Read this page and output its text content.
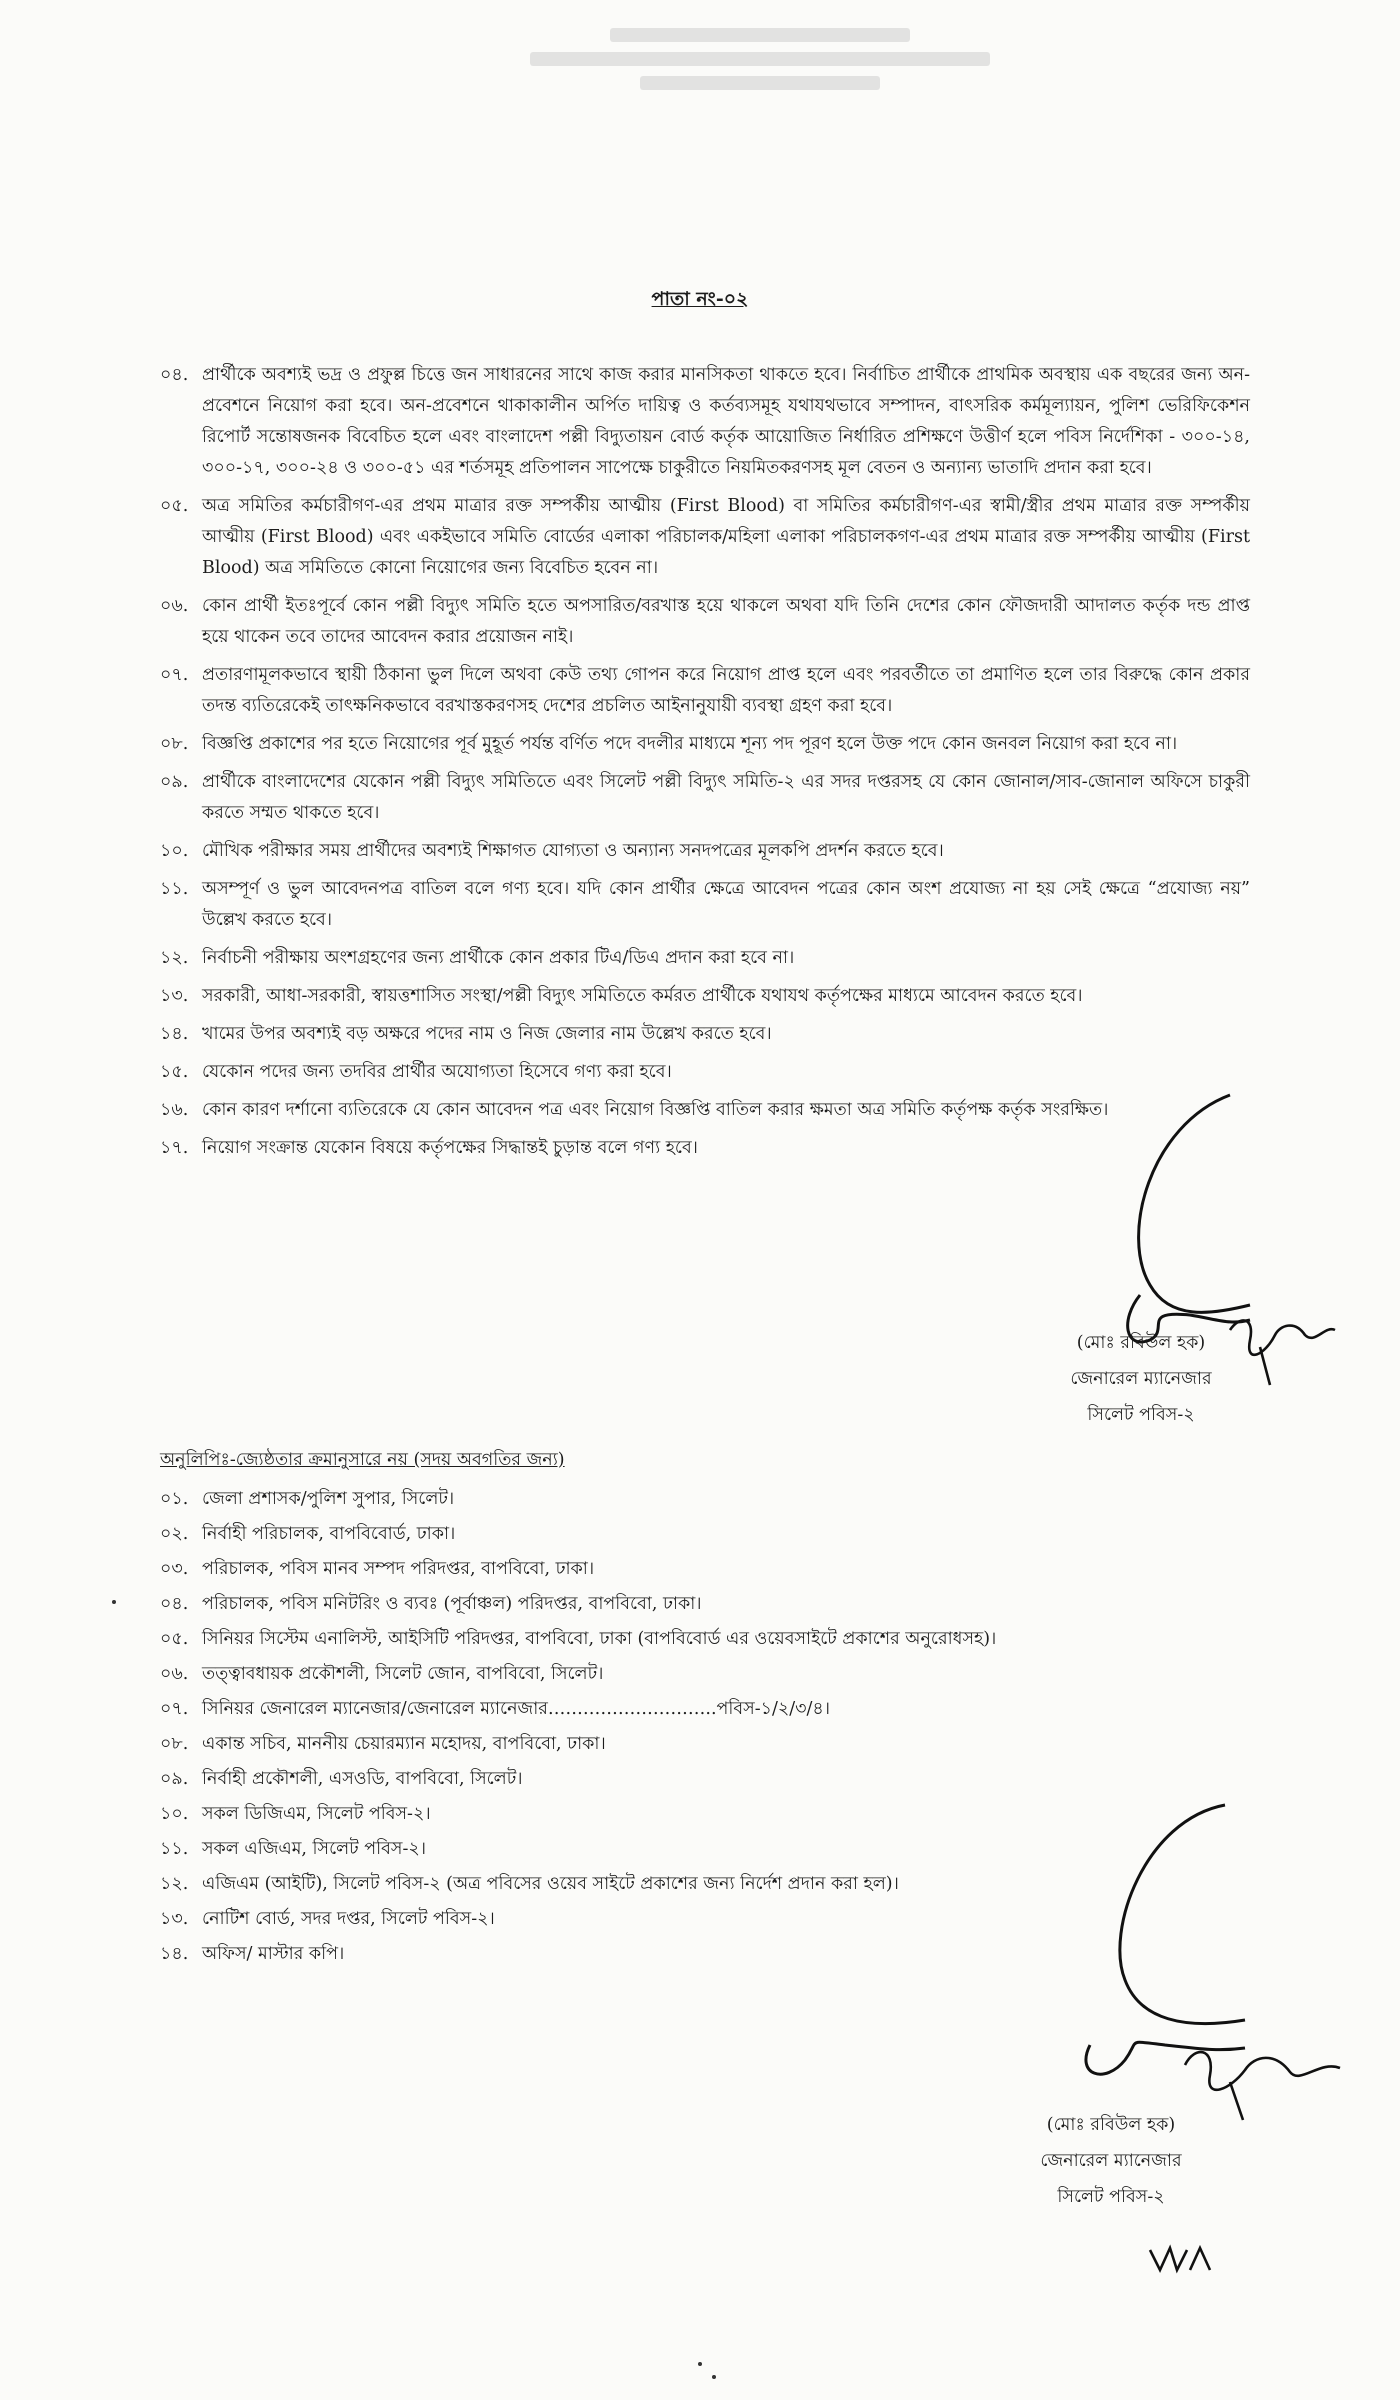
পাতা নং-০২
০৪. প্রার্থীকে অবশ্যই ভদ্র ও প্রফুল্ল চিত্তে জন সাধারনের সাথে কাজ করার মানসিকতা থাকতে হবে। নির্বাচিত প্রার্থীকে প্রাথমিক অবস্থায় এক বছরের জন্য অন-প্রবেশনে নিয়োগ করা হবে। অন-প্রবেশনে থাকাকালীন অর্পিত দায়িত্ব ও কর্তব্যসমূহ যথাযথভাবে সম্পাদন, বাৎসরিক কর্মমূল্যায়ন, পুলিশ ভেরিফিকেশন রিপোর্ট সন্তোষজনক বিবেচিত হলে এবং বাংলাদেশ পল্লী বিদ্যুতায়ন বোর্ড কর্তৃক আয়োজিত নির্ধারিত প্রশিক্ষণে উত্তীর্ণ হলে পবিস নির্দেশিকা - ৩০০-১৪, ৩০০-১৭, ৩০০-২৪ ও ৩০০-৫১ এর শর্তসমূহ প্রতিপালন সাপেক্ষে চাকুরীতে নিয়মিতকরণসহ মূল বেতন ও অন্যান্য ভাতাদি প্রদান করা হবে।
০৫. অত্র সমিতির কর্মচারীগণ-এর প্রথম মাত্রার রক্ত সম্পর্কীয় আত্মীয় (First Blood) বা সমিতির কর্মচারীগণ-এর স্বামী/স্ত্রীর প্রথম মাত্রার রক্ত সম্পর্কীয় আত্মীয় (First Blood) এবং একইভাবে সমিতি বোর্ডের এলাকা পরিচালক/মহিলা এলাকা পরিচালকগণ-এর প্রথম মাত্রার রক্ত সম্পর্কীয় আত্মীয় (First Blood) অত্র সমিতিতে কোনো নিয়োগের জন্য বিবেচিত হবেন না।
০৬. কোন প্রার্থী ইতঃপূর্বে কোন পল্লী বিদ্যুৎ সমিতি হতে অপসারিত/বরখাস্ত হয়ে থাকলে অথবা যদি তিনি দেশের কোন ফৌজদারী আদালত কর্তৃক দন্ড প্রাপ্ত হয়ে থাকেন তবে তাদের আবেদন করার প্রয়োজন নাই।
০৭. প্রতারণামূলকভাবে স্থায়ী ঠিকানা ভুল দিলে অথবা কেউ তথ্য গোপন করে নিয়োগ প্রাপ্ত হলে এবং পরবর্তীতে তা প্রমাণিত হলে তার বিরুদ্ধে কোন প্রকার তদন্ত ব্যতিরেকেই তাৎক্ষনিকভাবে বরখাস্তকরণসহ দেশের প্রচলিত আইনানুযায়ী ব্যবস্থা গ্রহণ করা হবে।
০৮. বিজ্ঞপ্তি প্রকাশের পর হতে নিয়োগের পূর্ব মুহূর্ত পর্যন্ত বর্ণিত পদে বদলীর মাধ্যমে শূন্য পদ পূরণ হলে উক্ত পদে কোন জনবল নিয়োগ করা হবে না।
০৯. প্রার্থীকে বাংলাদেশের যেকোন পল্লী বিদ্যুৎ সমিতিতে এবং সিলেট পল্লী বিদ্যুৎ সমিতি-২ এর সদর দপ্তরসহ যে কোন জোনাল/সাব-জোনাল অফিসে চাকুরী করতে সম্মত থাকতে হবে।
১০. মৌখিক পরীক্ষার সময় প্রার্থীদের অবশ্যই শিক্ষাগত যোগ্যতা ও অন্যান্য সনদপত্রের মূলকপি প্রদর্শন করতে হবে।
১১. অসম্পূর্ণ ও ভুল আবেদনপত্র বাতিল বলে গণ্য হবে। যদি কোন প্রার্থীর ক্ষেত্রে আবেদন পত্রের কোন অংশ প্রযোজ্য না হয় সেই ক্ষেত্রে “প্রযোজ্য নয়” উল্লেখ করতে হবে।
১২. নির্বাচনী পরীক্ষায় অংশগ্রহণের জন্য প্রার্থীকে কোন প্রকার টিএ/ডিএ প্রদান করা হবে না।
১৩. সরকারী, আধা-সরকারী, স্বায়ত্তশাসিত সংস্থা/পল্লী বিদ্যুৎ সমিতিতে কর্মরত প্রার্থীকে যথাযথ কর্তৃপক্ষের মাধ্যমে আবেদন করতে হবে।
১৪. খামের উপর অবশ্যই বড় অক্ষরে পদের নাম ও নিজ জেলার নাম উল্লেখ করতে হবে।
১৫. যেকোন পদের জন্য তদবির প্রার্থীর অযোগ্যতা হিসেবে গণ্য করা হবে।
১৬. কোন কারণ দর্শানো ব্যতিরেকে যে কোন আবেদন পত্র এবং নিয়োগ বিজ্ঞপ্তি বাতিল করার ক্ষমতা অত্র সমিতি কর্তৃপক্ষ কর্তৃক সংরক্ষিত।
১৭. নিয়োগ সংক্রান্ত যেকোন বিষয়ে কর্তৃপক্ষের সিদ্ধান্তই চুড়ান্ত বলে গণ্য হবে।
(মোঃ রবিউল হক)
জেনারেল ম্যানেজার
সিলেট পবিস-২
অনুলিপিঃ-জ্যেষ্ঠতার ক্রমানুসারে নয় (সদয় অবগতির জন্য)
০১. জেলা প্রশাসক/পুলিশ সুপার, সিলেট।
০২. নির্বাহী পরিচালক, বাপবিবোর্ড, ঢাকা।
০৩. পরিচালক, পবিস মানব সম্পদ পরিদপ্তর, বাপবিবো, ঢাকা।
০৪. পরিচালক, পবিস মনিটরিং ও ব্যবঃ (পূর্বাঞ্চল) পরিদপ্তর, বাপবিবো, ঢাকা।
০৫. সিনিয়র সিস্টেম এনালিস্ট, আইসিটি পরিদপ্তর, বাপবিবো, ঢাকা (বাপবিবোর্ড এর ওয়েবসাইটে প্রকাশের অনুরোধসহ)।
০৬. তত্ত্বাবধায়ক প্রকৌশলী, সিলেট জোন, বাপবিবো, সিলেট।
০৭. সিনিয়র জেনারেল ম্যানেজার/জেনারেল ম্যানেজার………………………..পবিস-১/২/৩/৪।
০৮. একান্ত সচিব, মাননীয় চেয়ারম্যান মহোদয়, বাপবিবো, ঢাকা।
০৯. নির্বাহী প্রকৌশলী, এসওডি, বাপবিবো, সিলেট।
১০. সকল ডিজিএম, সিলেট পবিস-২।
১১. সকল এজিএম, সিলেট পবিস-২।
১২. এজিএম (আইটি), সিলেট পবিস-২ (অত্র পবিসের ওয়েব সাইটে প্রকাশের জন্য নির্দেশ প্রদান করা হল)।
১৩. নোটিশ বোর্ড, সদর দপ্তর, সিলেট পবিস-২।
১৪. অফিস/ মাস্টার কপি।
(মোঃ রবিউল হক)
জেনারেল ম্যানেজার
সিলেট পবিস-২
